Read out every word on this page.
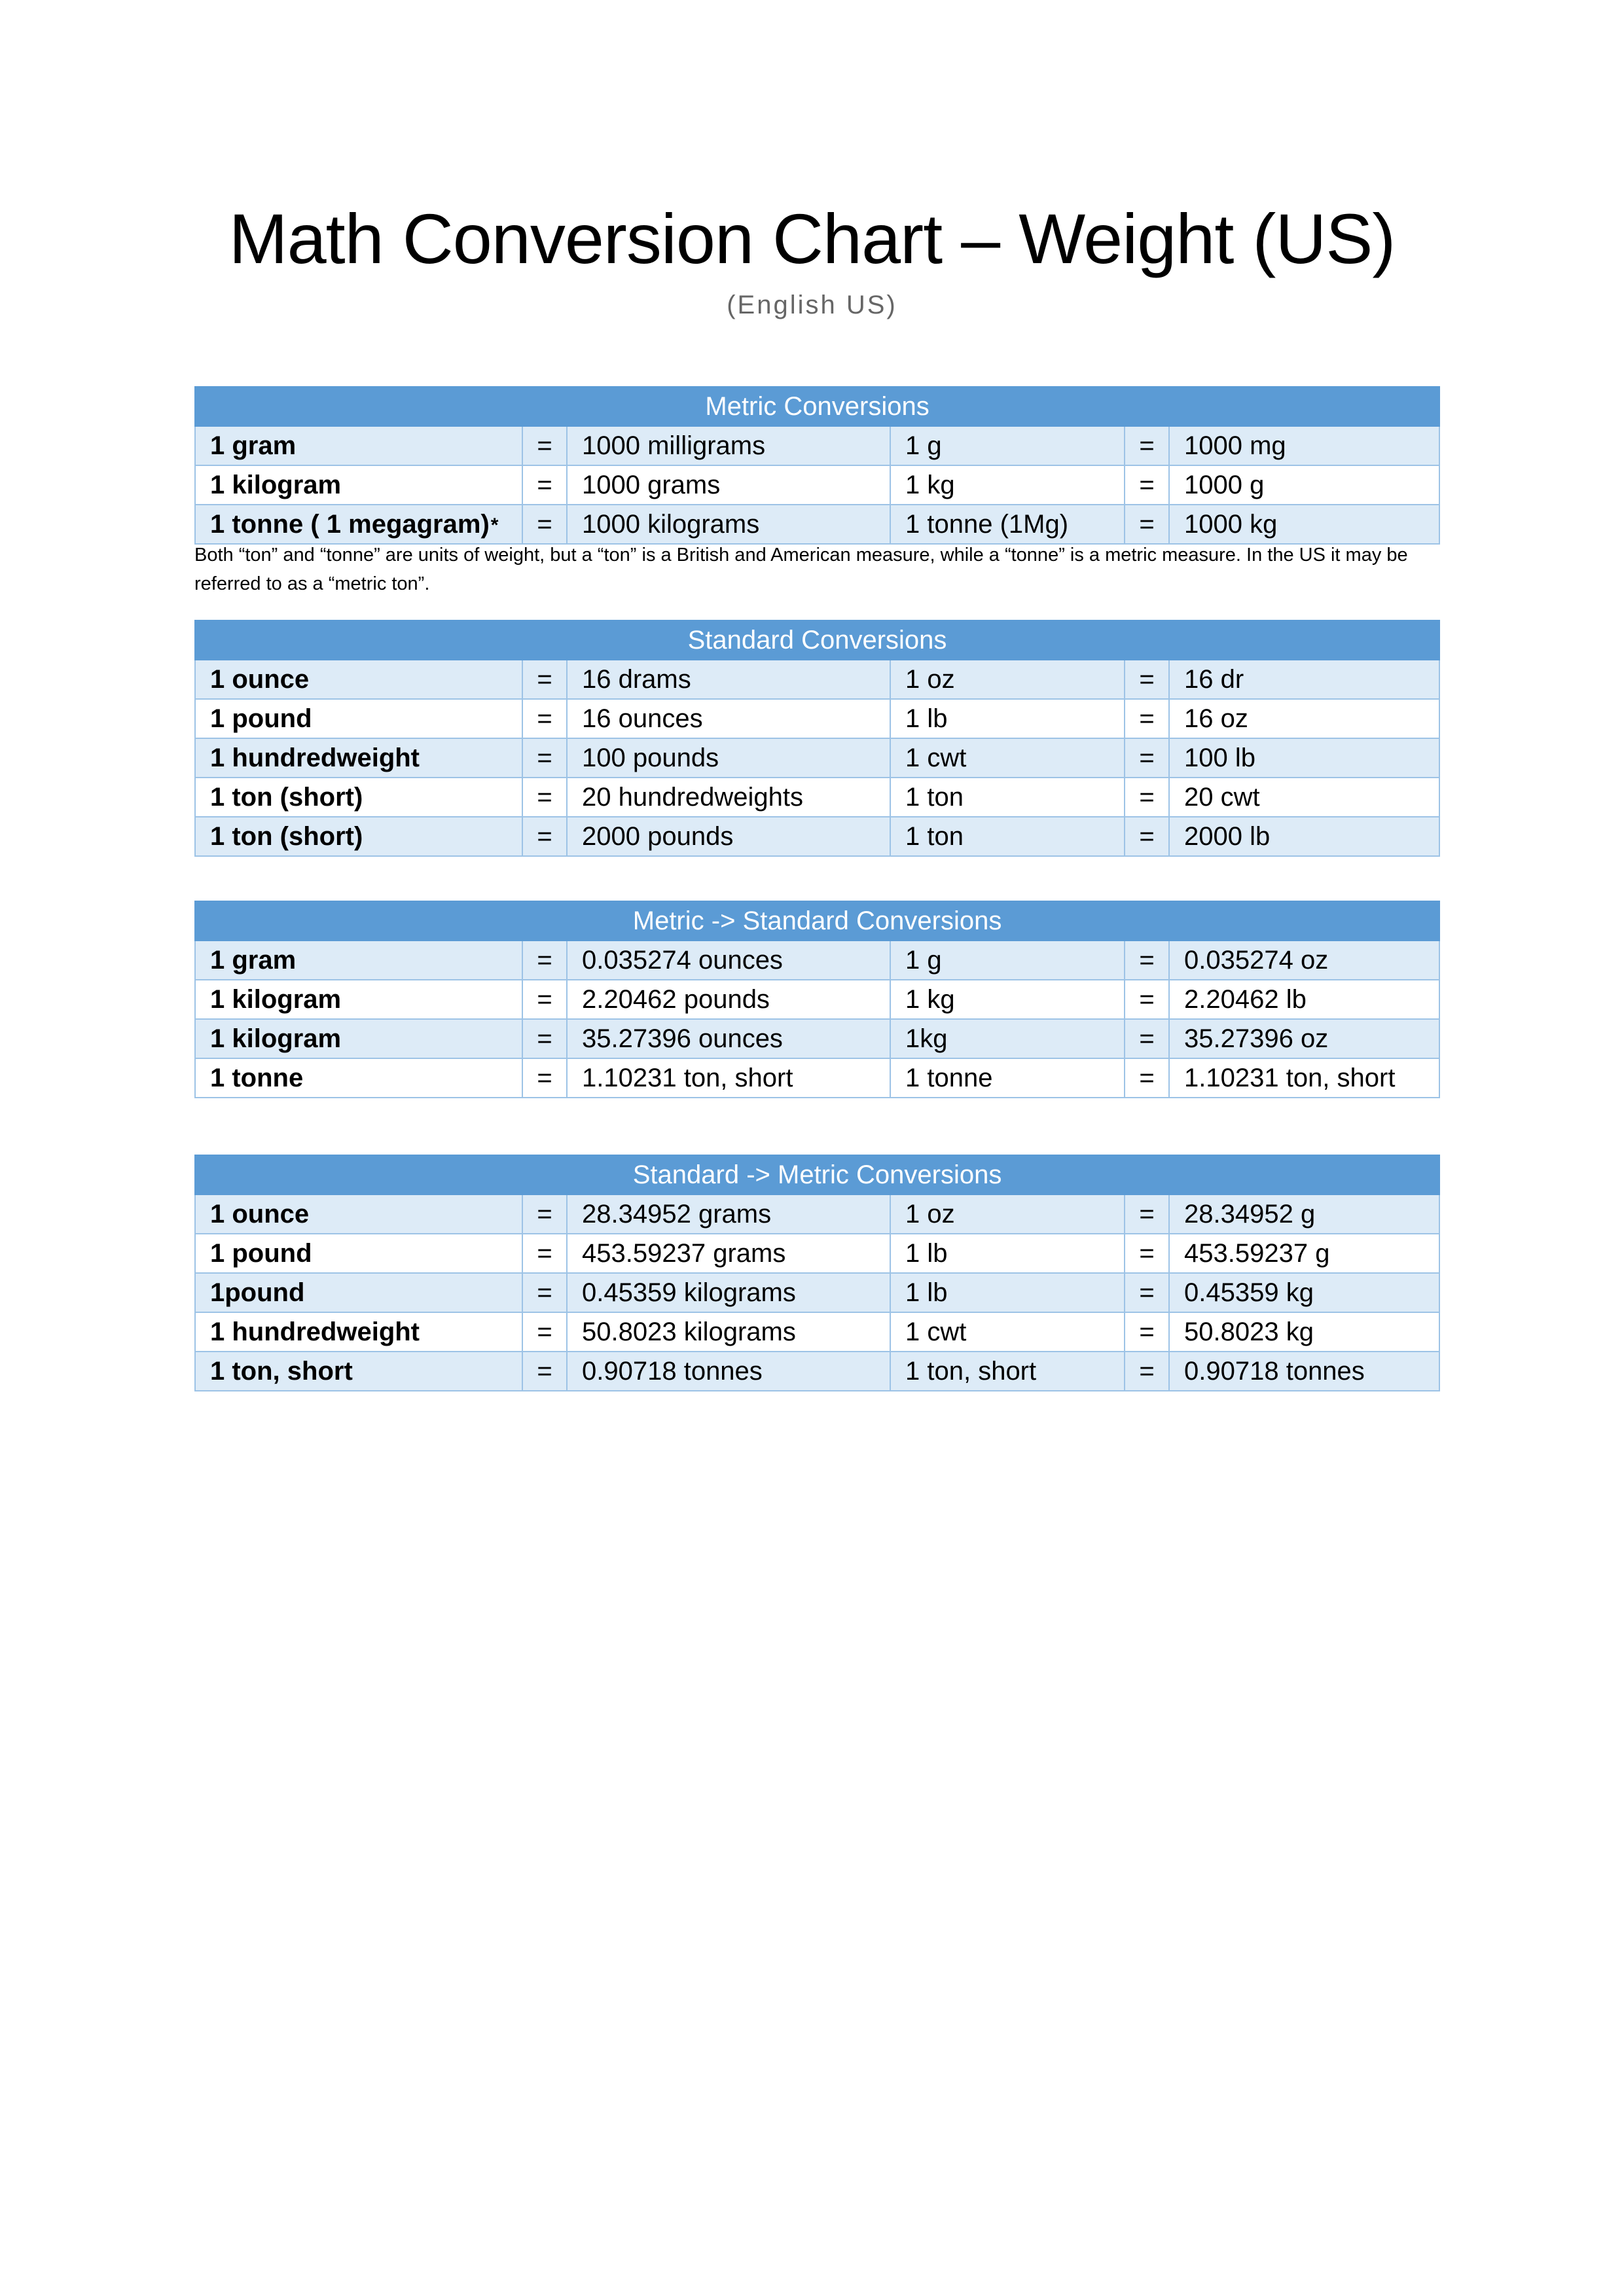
Math Conversion Chart – Weight (US)
(English US)
Metric Conversions					
1 gram	=	1000 milligrams	1 g	=	1000 mg
1 kilogram	=	1000 grams	1 kg	=	1000 g
1 tonne ( 1 megagram)*	=	1000 kilograms	1 tonne (1Mg)	=	1000 kg
Both “ton” and “tonne” are units of weight, but a “ton” is a British and American measure, while a “tonne” is a metric measure. In the US it may be referred to as a “metric ton”.
Standard Conversions					
1 ounce	=	16 drams	1 oz	=	16 dr
1 pound	=	16 ounces	1 lb	=	16 oz
1 hundredweight	=	100 pounds	1 cwt	=	100 lb
1 ton (short)	=	20 hundredweights	1 ton	=	20 cwt
1 ton (short)	=	2000 pounds	1 ton	=	2000 lb
Metric -> Standard Conversions					
1 gram	=	0.035274 ounces	1 g	=	0.035274 oz
1 kilogram	=	2.20462 pounds	1 kg	=	2.20462 lb
1 kilogram	=	35.27396 ounces	1kg	=	35.27396 oz
1 tonne	=	1.10231 ton, short	1 tonne	=	1.10231 ton, short
Standard -> Metric Conversions					
1 ounce	=	28.34952 grams	1 oz	=	28.34952 g
1 pound	=	453.59237 grams	1 lb	=	453.59237 g
1pound	=	0.45359 kilograms	1 lb	=	0.45359 kg
1 hundredweight	=	50.8023 kilograms	1 cwt	=	50.8023 kg
1 ton, short	=	0.90718 tonnes	1 ton, short	=	0.90718 tonnes
